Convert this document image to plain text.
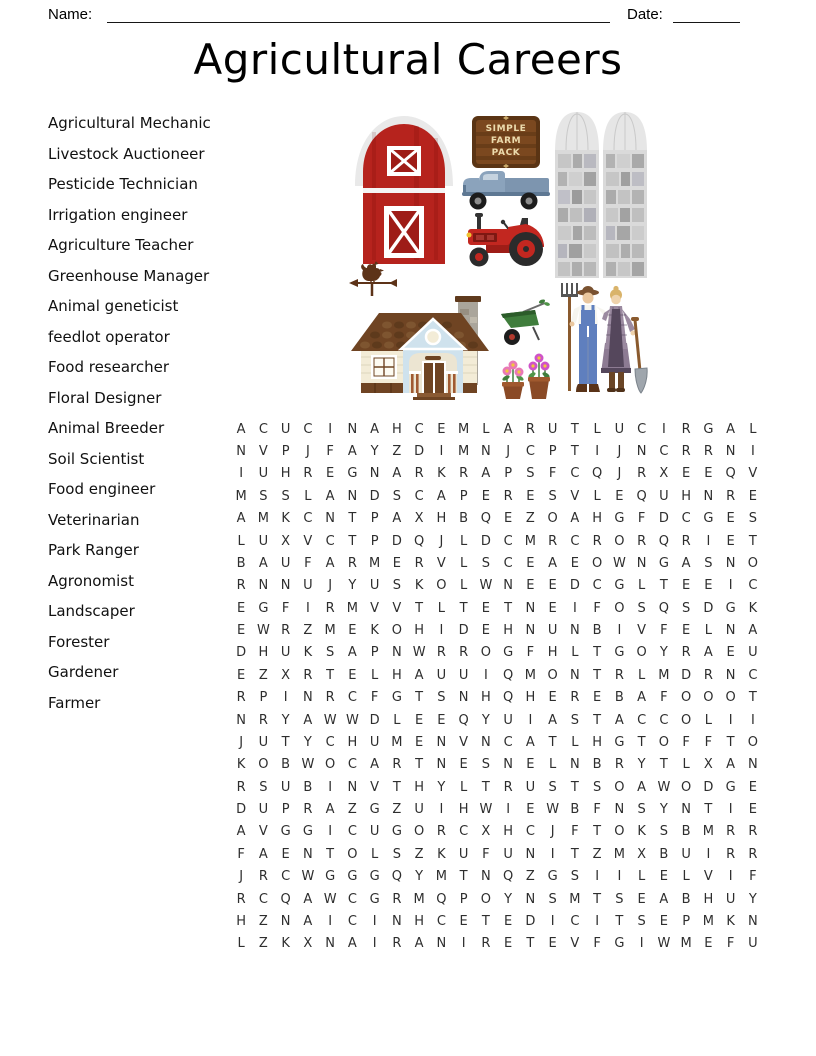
Name:	Date:
Agricultural Careers
Agricultural Mechanic
Livestock Auctioneer
Pesticide Technician
Irrigation engineer
Agriculture Teacher
Greenhouse Manager
Animal geneticist
feedlot operator
Food researcher
Floral Designer
Animal Breeder
Soil Scientist
Food engineer
Veterinarian
Park Ranger
Agronomist
Landscaper
Forester
Gardener
Farmer
SIMPLE
FARM
PACK
A	C U C	I	N A H C	E M	L	A	R U	T	L	U C	I	R G A	L
N V	P	J	F	A	Y	Z D	I	M N	J	C	P	T	I	J	N C	R	R N	I
I	U H R	E	G N A	R	K	R	A	P	S	F	C Q	J	R	X	E	E	Q V
M S	S	L	A N D	S	C	A	P	E	R	E	S	V	L	E	Q U H N R	E
A M K	C N	T	P	A	X H B Q	E	Z O A H G	F	D C G	E	S
L	U	X	V	C	T	P	D Q	J	L	D C M R	C	R O R Q R	I	E	T
B	A	U	F	A	R M E	R	V	L	S	C	E	A	E	O W N G A	S	N O
R N N U	J	Y	U	S	K O	L W N	E	E	D C G	L	T	E	E	I	C
E	G	F	I	R M V	V	T	L	T	E	T	N	E	I	F	O	S	Q	S	D G K
E W R	Z M E	K O H	I	D	E	H N U N B	I	V	F	E	L	N A
D H U	K	S	A	P	N W R	R O G	F	H	L	T	G O	Y	R	A	E	U
E	Z	X	R	T	E	L	H A	U U	I	Q M O N	T	R	L	M D R N C
R	P	I	N R	C	F	G	T	S	N H Q H	E	R	E	B	A	F	O O O	T
N R	Y	A W W D	L	E	E	Q	Y	U	I	A	S	T	A	C	C O	L	I	I
J	U	T	Y	C H U M E	N V N C	A	T	L	H G	T	O	F	F	T	O
K O B W O C	A	R	T	N	E	S	N	E	L	N B	R	Y	T	L	X	A N
R	S	U	B	I	N V	T	H	Y	L	T	R U	S	T	S	O A W O D G	E
D U	P	R	A	Z G Z	U	I	H W	I	E W B	F	N	S	Y	N	T	I	E
A	V G G	I	C U G O R	C	X H C	J	F	T	O K	S	B M R	R
F	A	E	N	T	O	L	S	Z	K	U	F	U N	I	T	Z M X	B	U	I	R	R
J	R	C W G G G Q	Y M T	N Q Z G	S	I	I	L	E	L	V	I	F
R	C Q A W C G R M Q	P	O	Y	N	S M T	S	E	A	B H U	Y
H Z N A	I	C	I	N H C	E	T	E	D	I	C	I	T	S	E	P M K	N
L	Z	K	X N A	I	R	A N	I	R	E	T	E	V	F	G	I	W M E	F	U
